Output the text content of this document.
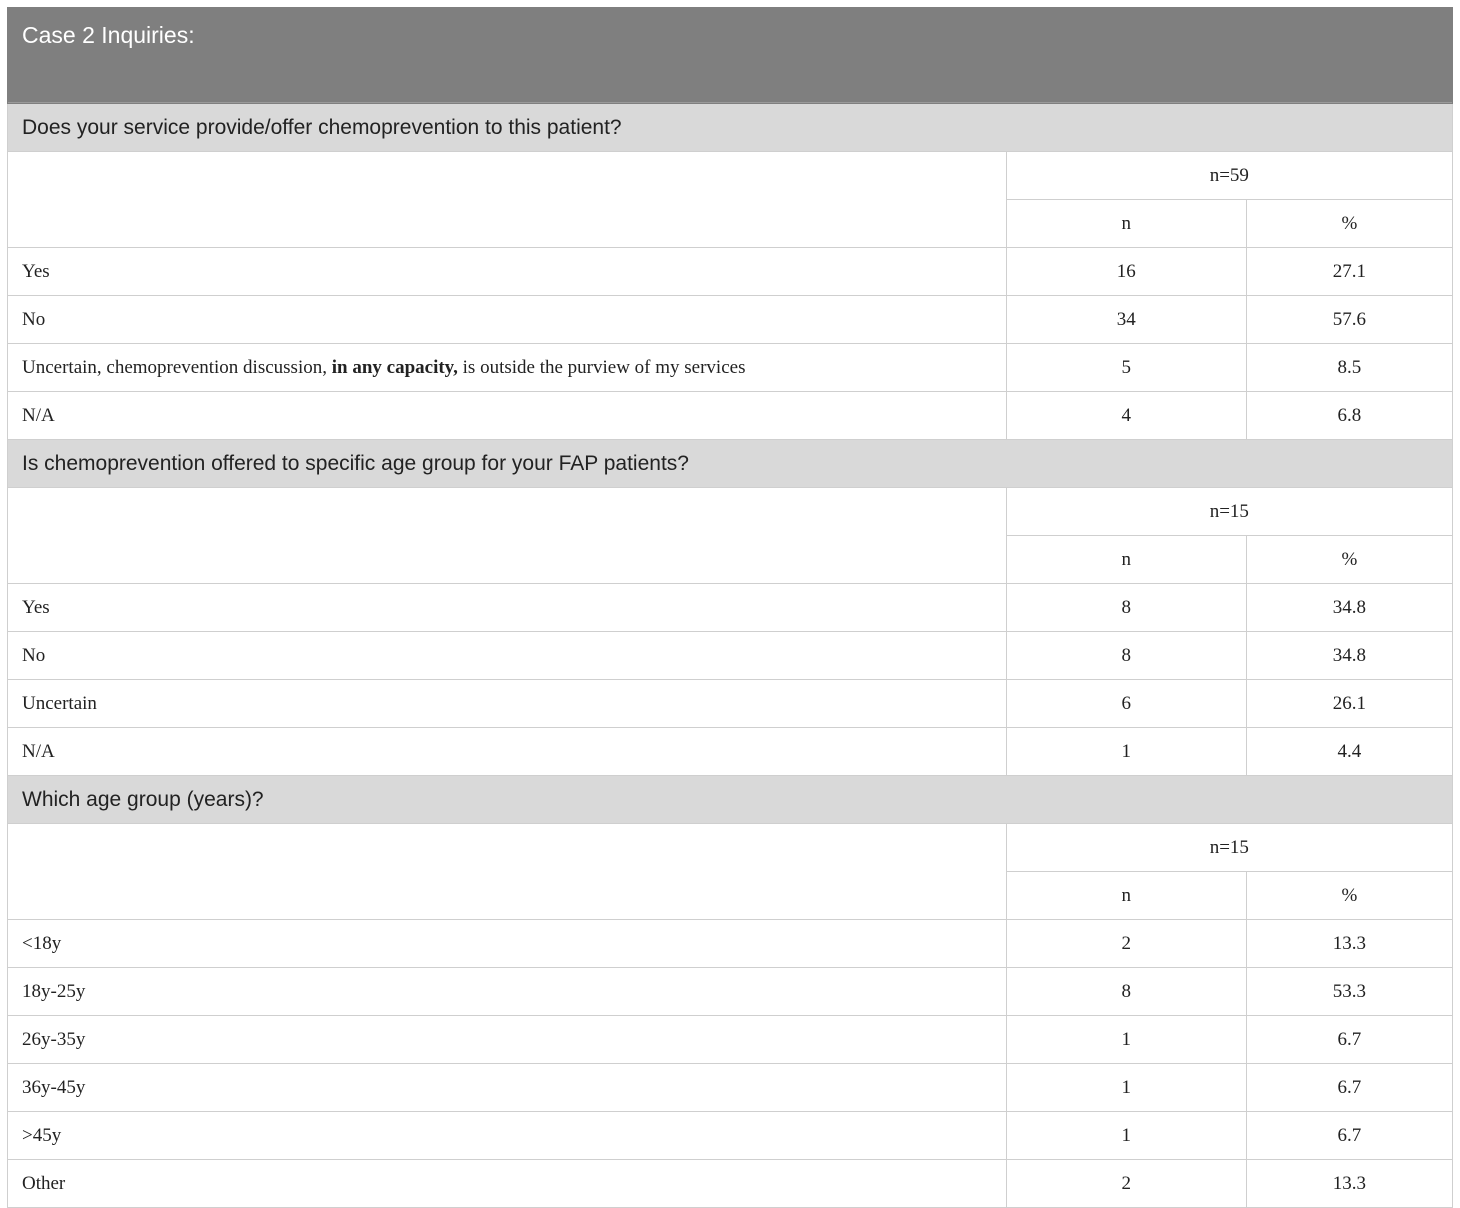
Case 2 Inquiries:		
Does your service provide/offer chemoprevention to this patient?		
	n=59	
	n	%
Yes	16	27.1
No	34	57.6
Uncertain, chemoprevention discussion, in any capacity, is outside the purview of my services	5	8.5
N/A	4	6.8
Is chemoprevention offered to specific age group for your FAP patients?		
	n=15	
	n	%
Yes	8	34.8
No	8	34.8
Uncertain	6	26.1
N/A	1	4.4
Which age group (years)?		
	n=15	
	n	%
<18y	2	13.3
18y-25y	8	53.3
26y-35y	1	6.7
36y-45y	1	6.7
>45y	1	6.7
Other	2	13.3
